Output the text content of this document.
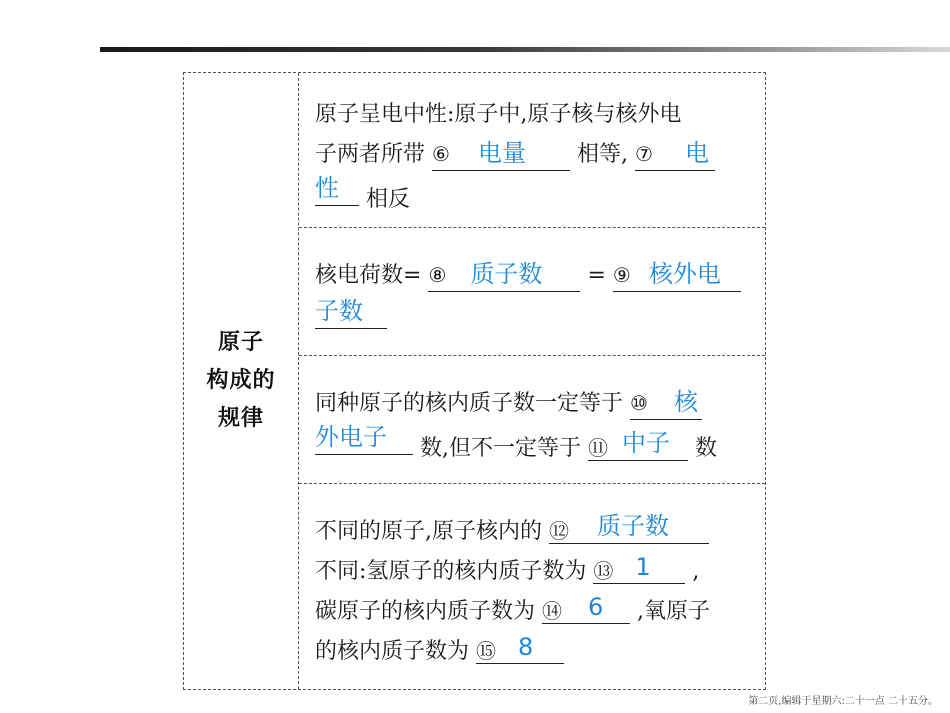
原子
构成的
规律
原子呈电中性:原子中,原子核与核外电
子两者所带 ⑥ 电量 相等, ⑦ 电
性 相反
核电荷数= ⑧ 质子数 = ⑨ 核外电
子数
同种原子的核内质子数一定等于 ⑩ 核
外电子 数,但不一定等于 ⑪ 中子 数
不同的原子,原子核内的 ⑫ 质子数
不同:氢原子的核内质子数为 ⑬ 1 ,
碳原子的核内质子数为 ⑭ 6 ,氧原子
的核内质子数为 ⑮ 8
第二页,编辑于星期六:二十一点 二十五分。
